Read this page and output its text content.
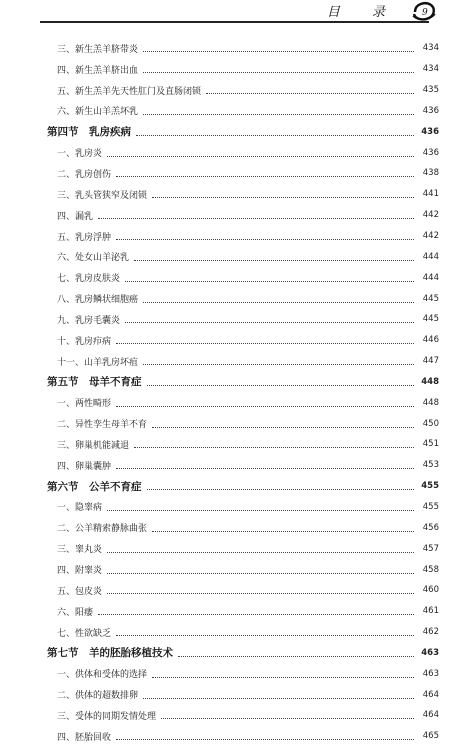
目 录	9
三、新生羔羊脐带炎	434
四、新生羔羊脐出血	434
五、新生羔羊先天性肛门及直肠闭锁	435
六、新生山羊羔坏乳	436
第四节　乳房疾病	436
一、乳房炎	436
二、乳房创伤	438
三、乳头管狭窄及闭锁	441
四、漏乳	442
五、乳房浮肿	442
六、处女山羊泌乳	444
七、乳房皮肤炎	444
八、乳房鳞状细胞癌	445
九、乳房毛囊炎	445
十、乳房疖病	446
十一、山羊乳房坏疽	447
第五节　母羊不育症	448
一、两性畸形	448
二、异性孪生母羊不育	450
三、卵巢机能减退	451
四、卵巢囊肿	453
第六节　公羊不育症	455
一、隐睾病	455
二、公羊精索静脉曲张	456
三、睾丸炎	457
四、附睾炎	458
五、包皮炎	460
六、阳痿	461
七、性欲缺乏	462
第七节　羊的胚胎移植技术	463
一、供体和受体的选择	463
二、供体的超数排卵	464
三、受体的同期发情处理	464
四、胚胎回收	465
